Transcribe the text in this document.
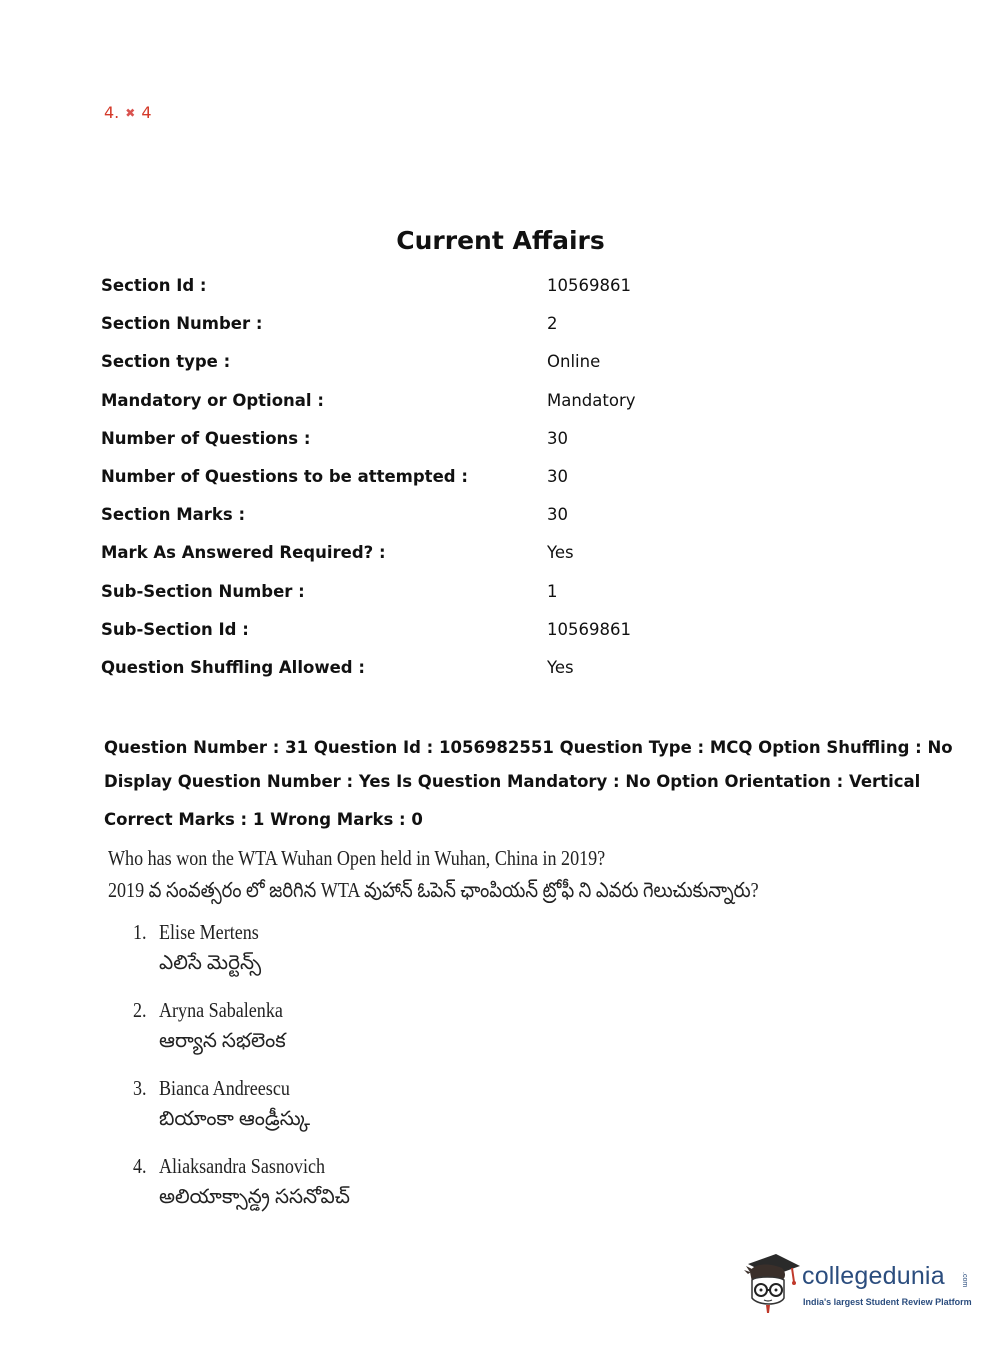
4. ✖ 4
Current Affairs
Section Id :	10569861
Section Number :	2
Section type :	Online
Mandatory or Optional :	Mandatory
Number of Questions :	30
Number of Questions to be attempted :	30
Section Marks :	30
Mark As Answered Required? :	Yes
Sub-Section Number :	1
Sub-Section Id :	10569861
Question Shuffling Allowed :	Yes
Question Number : 31 Question Id : 1056982551 Question Type : MCQ Option Shuffling : No
Display Question Number : Yes Is Question Mandatory : No Option Orientation : Vertical
Correct Marks : 1 Wrong Marks : 0
Who has won the WTA Wuhan Open held in Wuhan, China in 2019?
2019 వ సంవత్సరం లో జరిగిన WTA వుహాన్ ఓపెన్ ఛాంపియన్ ట్రోఫీ ని ఎవరు గెలుచుకున్నారు?
1. Elise Mertens
ఎలిసే మెర్టెన్స్
2. Aryna Sabalenka
ఆర్యాన సభలెంక
3. Bianca Andreescu
బియాంకా ఆండ్రీస్కు
4. Aliaksandra Sasnovich
అలియాక్సాన్డ్ర ససనోవిచ్
collegedunia .com
India's largest Student Review Platform
